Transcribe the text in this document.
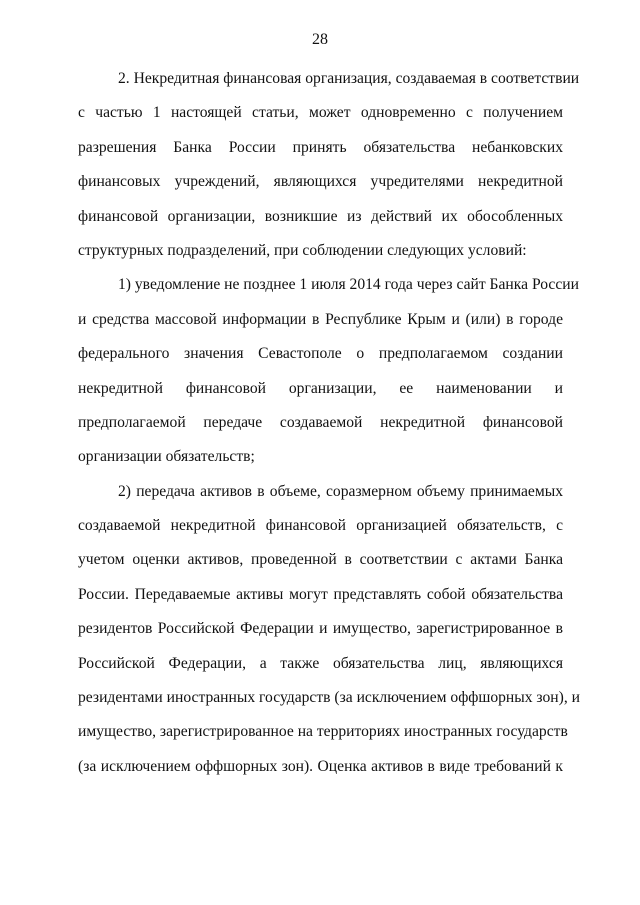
28
2. Некредитная финансовая организация, создаваемая в соответствии
с частью 1 настоящей статьи, может одновременно с получением
разрешения Банка России принять обязательства небанковских
финансовых учреждений, являющихся учредителями некредитной
финансовой организации, возникшие из действий их обособленных
структурных подразделений, при соблюдении следующих условий:
1) уведомление не позднее 1 июля 2014 года через сайт Банка России
и средства массовой информации в Республике Крым и (или) в городе
федерального значения Севастополе о предполагаемом создании
некредитной финансовой организации, ее наименовании и
предполагаемой передаче создаваемой некредитной финансовой
организации обязательств;
2) передача активов в объеме, соразмерном объему принимаемых
создаваемой некредитной финансовой организацией обязательств, с
учетом оценки активов, проведенной в соответствии с актами Банка
России. Передаваемые активы могут представлять собой обязательства
резидентов Российской Федерации и имущество, зарегистрированное в
Российской Федерации, а также обязательства лиц, являющихся
резидентами иностранных государств (за исключением оффшорных зон), и
имущество, зарегистрированное на территориях иностранных государств
(за исключением оффшорных зон). Оценка активов в виде требований к
